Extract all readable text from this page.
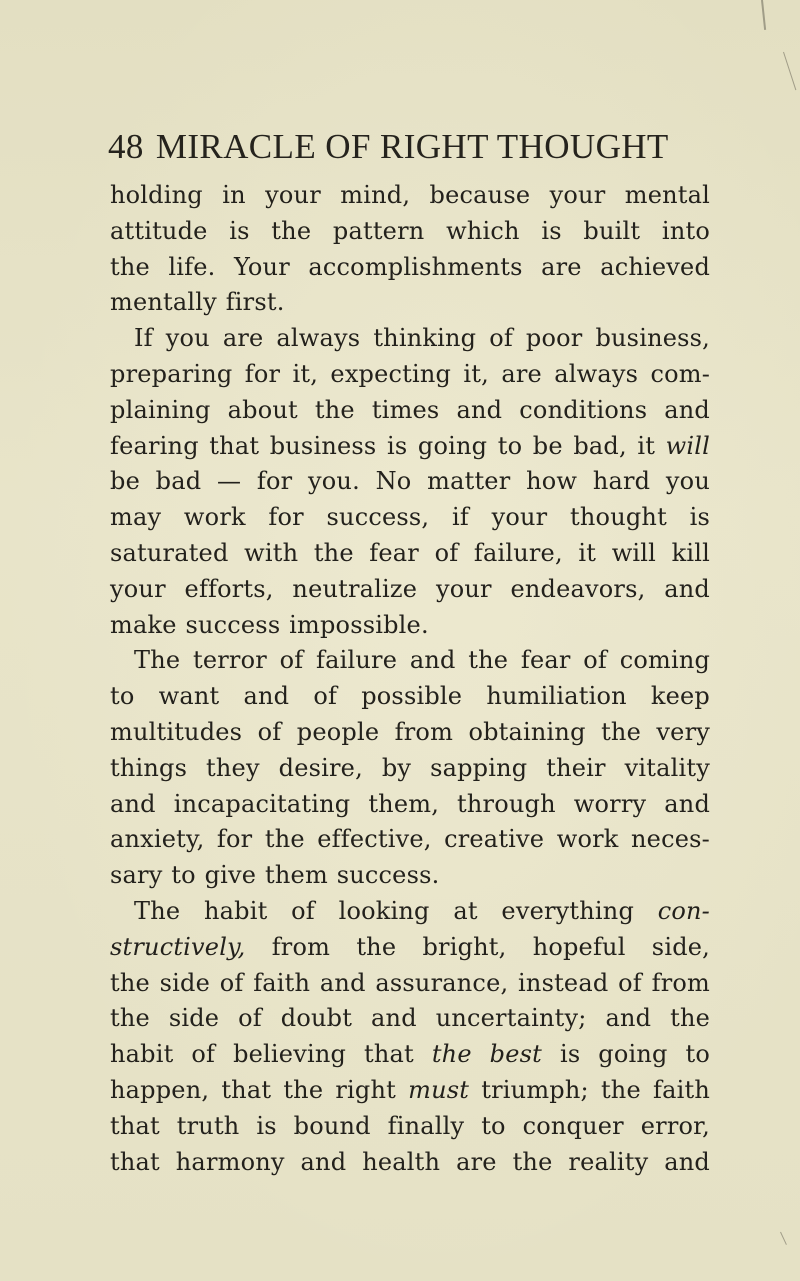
48 MIRACLE OF RIGHT THOUGHT
holding in your mind, because your mental
attitude is the pattern which is built into
the life. Your accomplishments are achieved
mentally first.
If you are always thinking of poor business,
preparing for it, expecting it, are always com-
plaining about the times and conditions and
fearing that business is going to be bad, it will
be bad — for you. No matter how hard you
may work for success, if your thought is
saturated with the fear of failure, it will kill
your efforts, neutralize your endeavors, and
make success impossible.
The terror of failure and the fear of coming
to want and of possible humiliation keep
multitudes of people from obtaining the very
things they desire, by sapping their vitality
and incapacitating them, through worry and
anxiety, for the effective, creative work neces-
sary to give them success.
The habit of looking at everything con-
structively, from the bright, hopeful side,
the side of faith and assurance, instead of from
the side of doubt and uncertainty; and the
habit of believing that the best is going to
happen, that the right must triumph; the faith
that truth is bound finally to conquer error,
that harmony and health are the reality and
